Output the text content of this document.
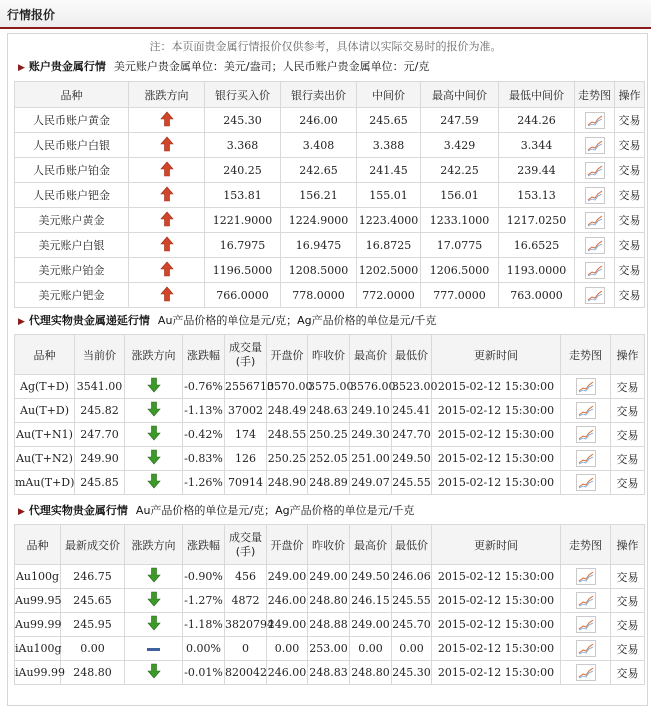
行情报价
注：本页面贵金属行情报价仅供参考，具体请以实际交易时的报价为准。
▶ 账户贵金属行情 美元账户贵金属单位：美元/盎司；人民币账户贵金属单位：元/克
品种	涨跌方向	银行买入价	银行卖出价	中间价	最高中间价	最低中间价	走势图	操作
人民币账户黄金		245.30	246.00	245.65	247.59	244.26		交易
人民币账户白银		3.368	3.408	3.388	3.429	3.344		交易
人民币账户铂金		240.25	242.65	241.45	242.25	239.44		交易
人民币账户钯金		153.81	156.21	155.01	156.01	153.13		交易
美元账户黄金		1221.9000	1224.9000	1223.4000	1233.1000	1217.0250		交易
美元账户白银		16.7975	16.9475	16.8725	17.0775	16.6525		交易
美元账户铂金		1196.5000	1208.5000	1202.5000	1206.5000	1193.0000		交易
美元账户钯金		766.0000	778.0000	772.0000	777.0000	763.0000		交易
▶ 代理实物贵金属递延行情 Au产品价格的单位是元/克；Ag产品价格的单位是元/千克
品种	当前价	涨跌方向	涨跌幅	成交量(手)	开盘价	昨收价	最高价	最低价	更新时间	走势图	操作
Ag(T+D)	3541.00		-0.76%	2556710	3570.00	3575.00	3576.00	3523.00	2015-02-12 15:30:00		交易
Au(T+D)	245.82		-1.13%	37002	248.49	248.63	249.10	245.41	2015-02-12 15:30:00		交易
Au(T+N1)	247.70		-0.42%	174	248.55	250.25	249.30	247.70	2015-02-12 15:30:00		交易
Au(T+N2)	249.90		-0.83%	126	250.25	252.05	251.00	249.50	2015-02-12 15:30:00		交易
mAu(T+D)	245.85		-1.26%	70914	248.90	248.89	249.07	245.55	2015-02-12 15:30:00		交易
▶ 代理实物贵金属行情 Au产品价格的单位是元/克；Ag产品价格的单位是元/千克
品种	最新成交价	涨跌方向	涨跌幅	成交量(手)	开盘价	昨收价	最高价	最低价	更新时间	走势图	操作
Au100g	246.75		-0.90%	456	249.00	249.00	249.50	246.06	2015-02-12 15:30:00		交易
Au99.95	245.65		-1.27%	4872	246.00	248.80	246.15	245.55	2015-02-12 15:30:00		交易
Au99.99	245.95		-1.18%	3820794	249.00	248.88	249.00	245.70	2015-02-12 15:30:00		交易
iAu100g	0.00		0.00%	0	0.00	253.00	0.00	0.00	2015-02-12 15:30:00		交易
iAu99.99	248.80		-0.01%	820042	246.00	248.83	248.80	245.30	2015-02-12 15:30:00		交易
